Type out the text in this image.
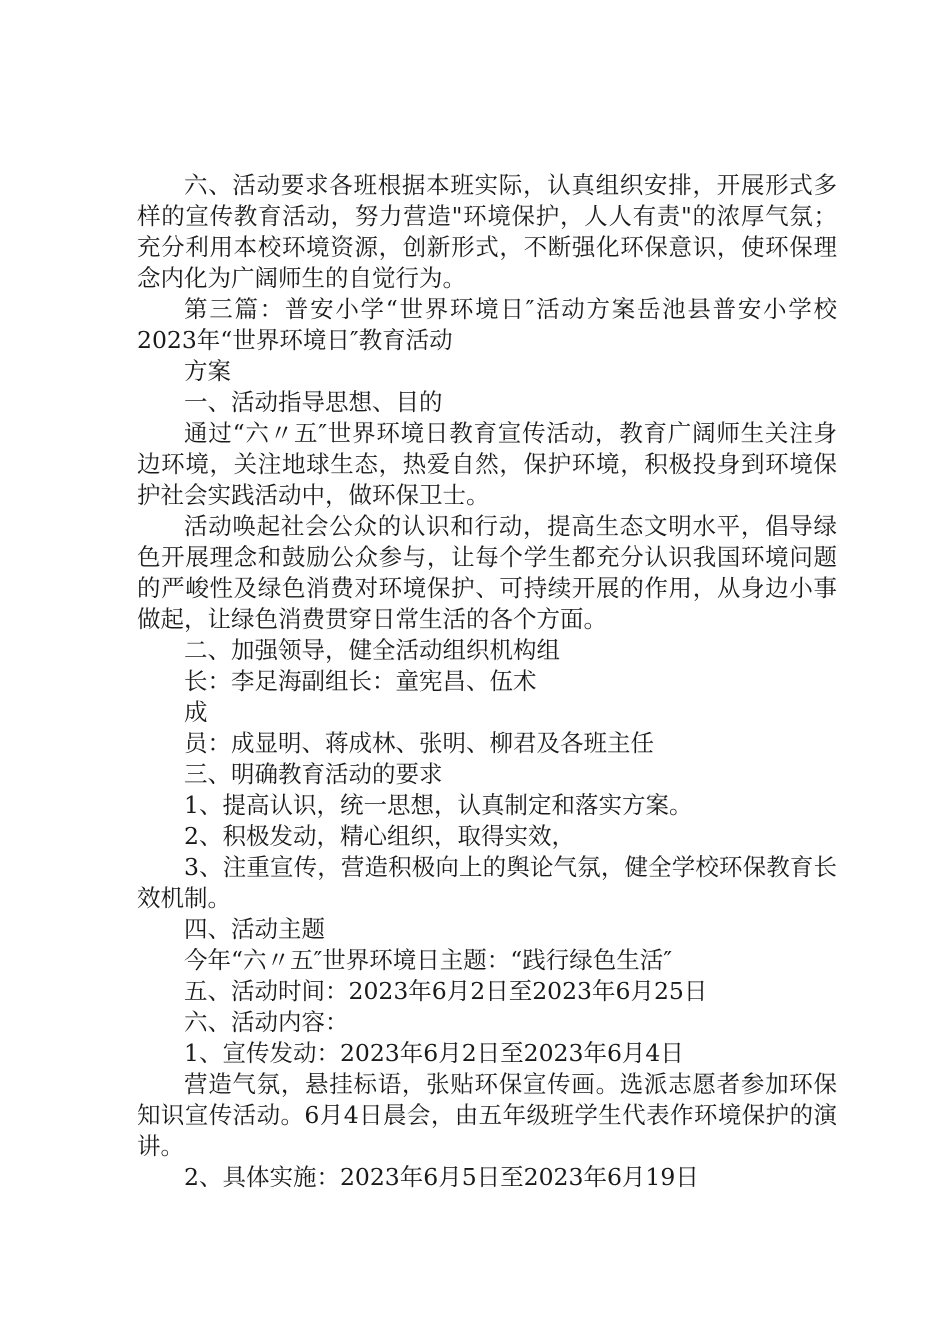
六、活动要求各班根据本班实际，认真组织安排，开展形式多样的宣传教育活动，努力营造"环境保护，人人有责"的浓厚气氛；充分利用本校环境资源，创新形式，不断强化环保意识，使环保理念内化为广阔师生的自觉行为。

第三篇：普安小学“世界环境日″活动方案岳池县普安小学校2023年“世界环境日″教育活动

方案

一、活动指导思想、目的

通过“六〃五″世界环境日教育宣传活动，教育广阔师生关注身边环境，关注地球生态，热爱自然，保护环境，积极投身到环境保护社会实践活动中，做环保卫士。

活动唤起社会公众的认识和行动，提高生态文明水平，倡导绿色开展理念和鼓励公众参与，让每个学生都充分认识我国环境问题的严峻性及绿色消费对环境保护、可持续开展的作用，从身边小事做起，让绿色消费贯穿日常生活的各个方面。

二、加强领导，健全活动组织机构组

长：李足海副组长：童宪昌、伍术

成

员：成显明、蒋成林、张明、柳君及各班主任

三、明确教育活动的要求

1、提高认识，统一思想，认真制定和落实方案。

2、积极发动，精心组织，取得实效，

3、注重宣传，营造积极向上的舆论气氛，健全学校环保教育长效机制。

四、活动主题

今年“六〃五″世界环境日主题：“践行绿色生活″

五、活动时间：2023年6月2日至2023年6月25日

六、活动内容：

1、宣传发动：2023年6月2日至2023年6月4日

营造气氛，悬挂标语，张贴环保宣传画。选派志愿者参加环保知识宣传活动。6月4日晨会，由五年级班学生代表作环境保护的演讲。

2、具体实施：2023年6月5日至2023年6月19日
